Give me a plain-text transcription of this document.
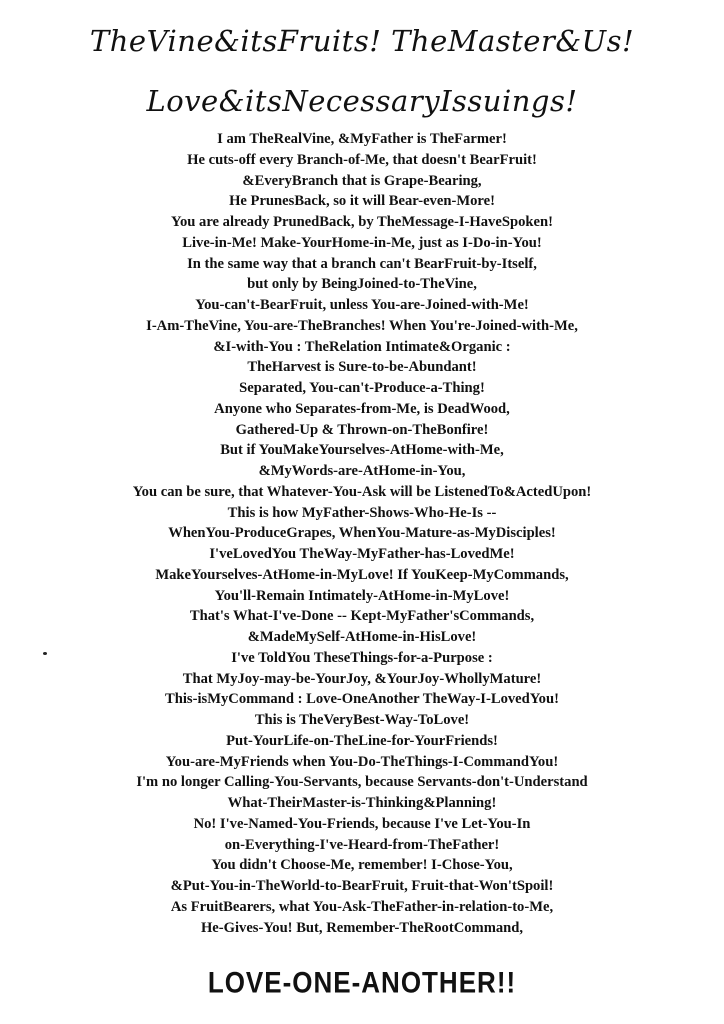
TheVine&itsFruits! TheMaster&Us!
Love&itsNecessaryIssuings!
I am TheRealVine, &MyFather is TheFarmer!
He cuts-off every Branch-of-Me, that doesn't BearFruit!
&EveryBranch that is Grape-Bearing,
He PrunesBack, so it will Bear-even-More!
You are already PrunedBack, by TheMessage-I-HaveSpoken!
Live-in-Me! Make-YourHome-in-Me, just as I-Do-in-You!
In the same way that a branch can't BearFruit-by-Itself,
but only by BeingJoined-to-TheVine,
You-can't-BearFruit, unless You-are-Joined-with-Me!
I-Am-TheVine, You-are-TheBranches! When You're-Joined-with-Me,
&I-with-You : TheRelation Intimate&Organic :
TheHarvest is Sure-to-be-Abundant!
Separated, You-can't-Produce-a-Thing!
Anyone who Separates-from-Me, is DeadWood,
Gathered-Up & Thrown-on-TheBonfire!
But if YouMakeYourselves-AtHome-with-Me,
&MyWords-are-AtHome-in-You,
You can be sure, that Whatever-You-Ask will be ListenedTo&ActedUpon!
This is how MyFather-Shows-Who-He-Is --
WhenYou-ProduceGrapes, WhenYou-Mature-as-MyDisciples!
I'veLovedYou TheWay-MyFather-has-LovedMe!
MakeYourselves-AtHome-in-MyLove! If YouKeep-MyCommands,
You'll-Remain Intimately-AtHome-in-MyLove!
That's What-I've-Done -- Kept-MyFather'sCommands,
&MadeMySelf-AtHome-in-HisLove!
I've ToldYou TheseThings-for-a-Purpose :
That MyJoy-may-be-YourJoy, &YourJoy-WhollyMature!
This-isMyCommand : Love-OneAnother TheWay-I-LovedYou!
This is TheVeryBest-Way-ToLove!
Put-YourLife-on-TheLine-for-YourFriends!
You-are-MyFriends when You-Do-TheThings-I-CommandYou!
I'm no longer Calling-You-Servants, because Servants-don't-Understand
What-TheirMaster-is-Thinking&Planning!
No! I've-Named-You-Friends, because I've Let-You-In
on-Everything-I've-Heard-from-TheFather!
You didn't Choose-Me, remember! I-Chose-You,
&Put-You-in-TheWorld-to-BearFruit, Fruit-that-Won'tSpoil!
As FruitBearers, what You-Ask-TheFather-in-relation-to-Me,
He-Gives-You! But, Remember-TheRootCommand,
LOVE-ONE-ANOTHER!!
